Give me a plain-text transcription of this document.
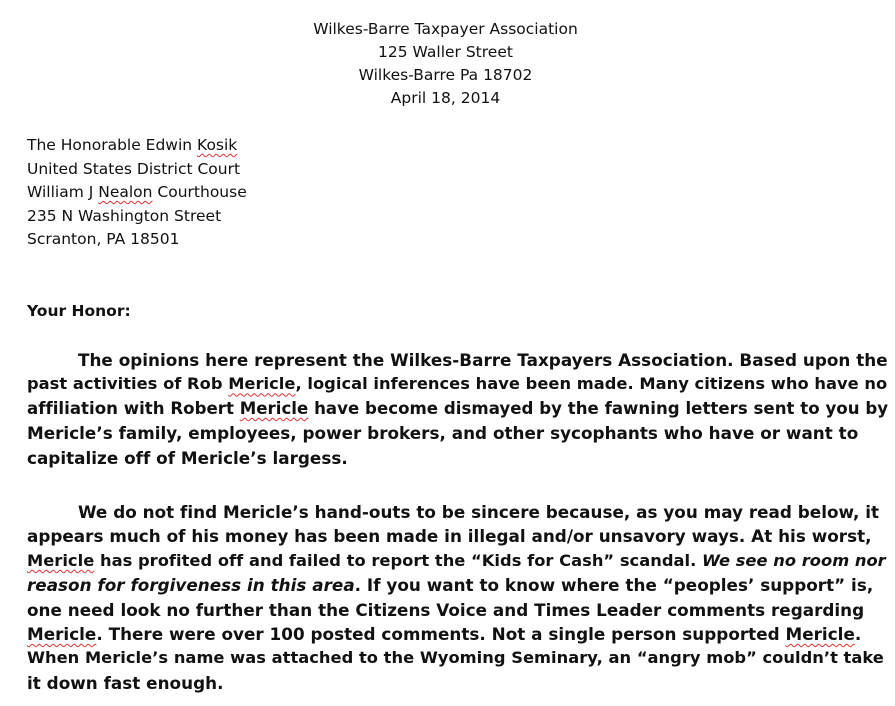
Wilkes-Barre Taxpayer Association
125 Waller Street
Wilkes-Barre Pa 18702
April 18, 2014
The Honorable Edwin Kosik
United States District Court
William J Nealon Courthouse
235 N Washington Street
Scranton, PA 18501
Your Honor:
The opinions here represent the Wilkes-Barre Taxpayers Association. Based upon the
past activities of Rob Mericle, logical inferences have been made. Many citizens who have no
affiliation with Robert Mericle have become dismayed by the fawning letters sent to you by
Mericle’s family, employees, power brokers, and other sycophants who have or want to
capitalize off of Mericle’s largess.
We do not find Mericle’s hand-outs to be sincere because, as you may read below, it
appears much of his money has been made in illegal and/or unsavory ways. At his worst,
Mericle has profited off and failed to report the “Kids for Cash” scandal. We see no room nor
reason for forgiveness in this area. If you want to know where the “peoples’ support” is,
one need look no further than the Citizens Voice and Times Leader comments regarding
Mericle. There were over 100 posted comments. Not a single person supported Mericle.
When Mericle’s name was attached to the Wyoming Seminary, an “angry mob” couldn’t take
it down fast enough.
